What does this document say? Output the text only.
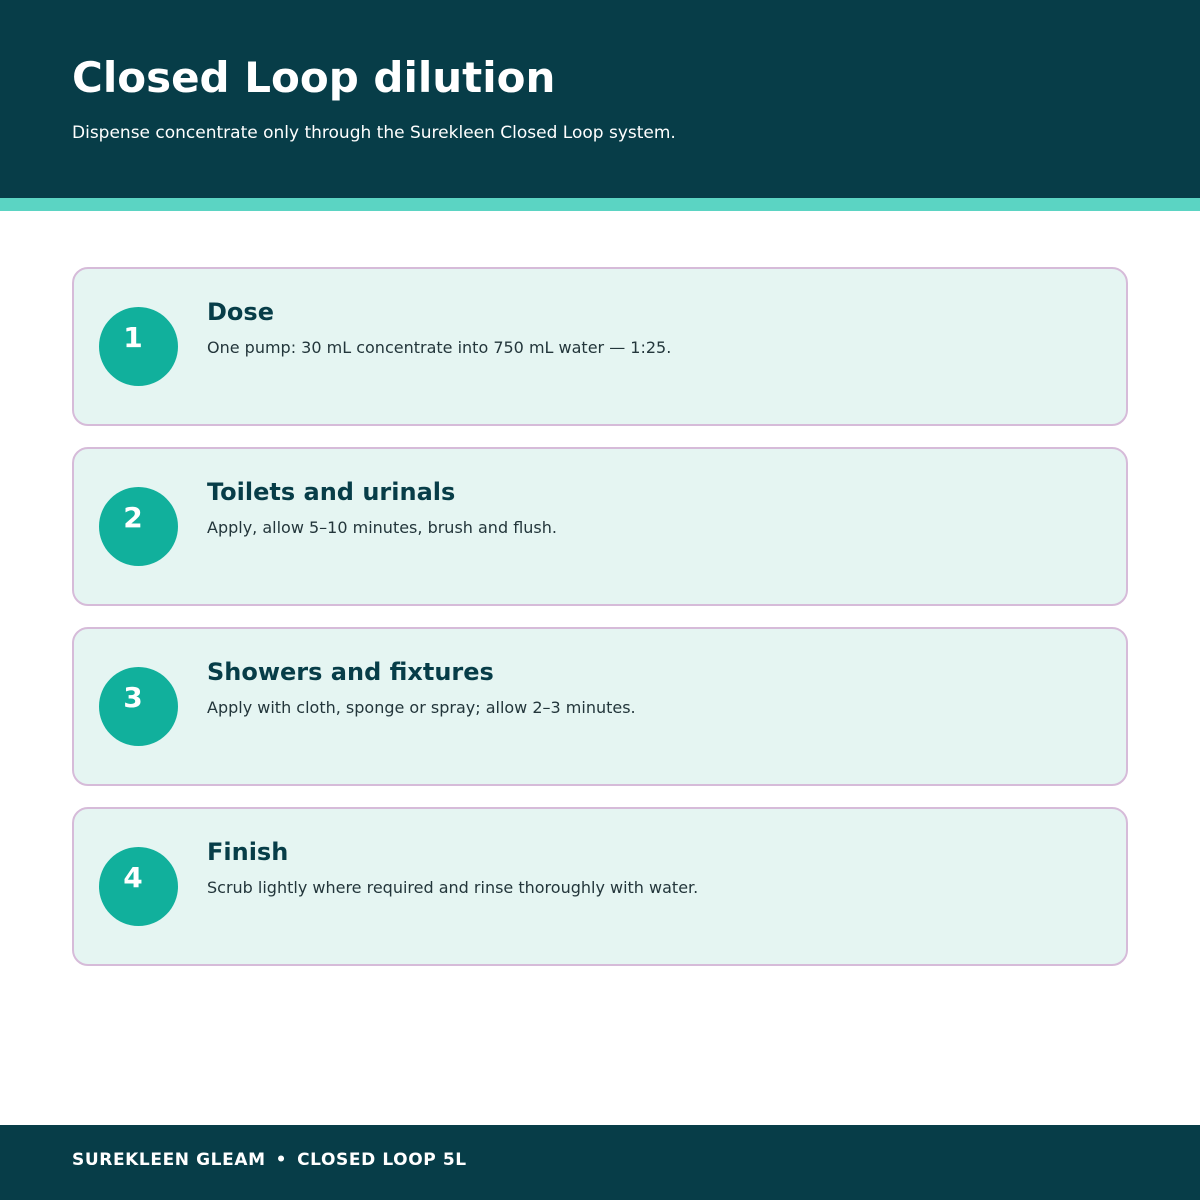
Closed Loop dilution

Dispense concentrate only through the Surekleen Closed Loop system.

1
Dose

One pump: 30 mL concentrate into 750 mL water — 1:25.

2
Toilets and urinals

Apply, allow 5–10 minutes, brush and flush.

3
Showers and fixtures

Apply with cloth, sponge or spray; allow 2–3 minutes.

4
Finish

Scrub lightly where required and rinse thoroughly with water.

SUREKLEEN GLEAM • CLOSED LOOP 5L
